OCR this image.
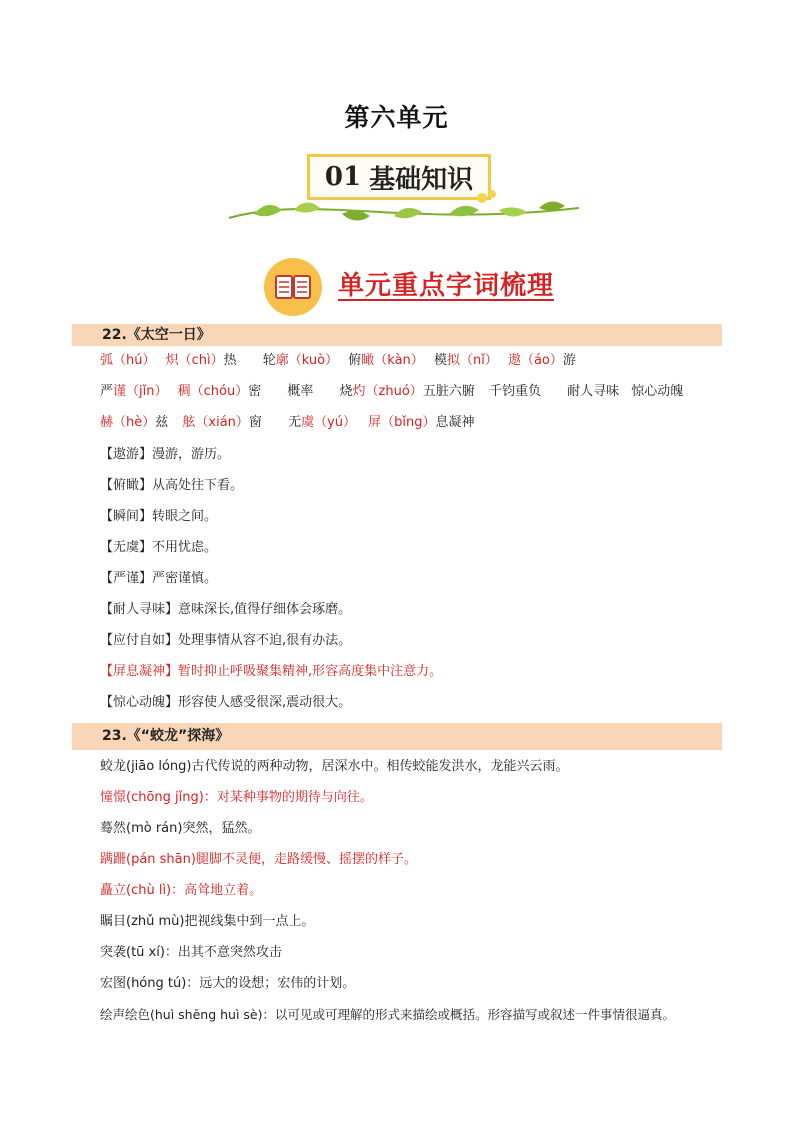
第六单元
01 基础知识
单元重点字词梳理
22.《太空一日》
弧（hú） 炽（chì）热 轮廓（kuò） 俯瞰（kàn） 模拟（nǐ） 遨（áo）游
严谨（jǐn） 稠（chóu）密 概率 烧灼（zhuó）五脏六腑 千钧重负 耐人寻味 惊心动魄
赫（hè）兹 舷（xián）窗 无虞（yú） 屏（bǐng）息凝神
【遨游】漫游，游历。
【俯瞰】从高处往下看。
【瞬间】转眼之间。
【无虞】不用忧虑。
【严谨】严密谨慎。
【耐人寻味】意味深长,值得仔细体会琢磨。
【应付自如】处理事情从容不迫,很有办法。
【屏息凝神】暂时抑止呼吸聚集精神,形容高度集中注意力。
【惊心动魄】形容使人感受很深,震动很大。
23.《“蛟龙”探海》
蛟龙(jiāo lóng)古代传说的两种动物，居深水中。相传蛟能发洪水，龙能兴云雨。
憧憬(chōng jǐng)：对某种事物的期待与向往。
蓦然(mò rán)突然，猛然。
蹒跚(pán shān)腿脚不灵便，走路缓慢、摇摆的样子。
矗立(chù lì)：高耸地立着。
瞩目(zhǔ mù)把视线集中到一点上。
突袭(tū xí)：出其不意突然攻击
宏图(hóng tú)：远大的设想；宏伟的计划。
绘声绘色(huì shēng huì sè)：以可见或可理解的形式来描绘或概括。形容描写或叙述一件事情很逼真。
